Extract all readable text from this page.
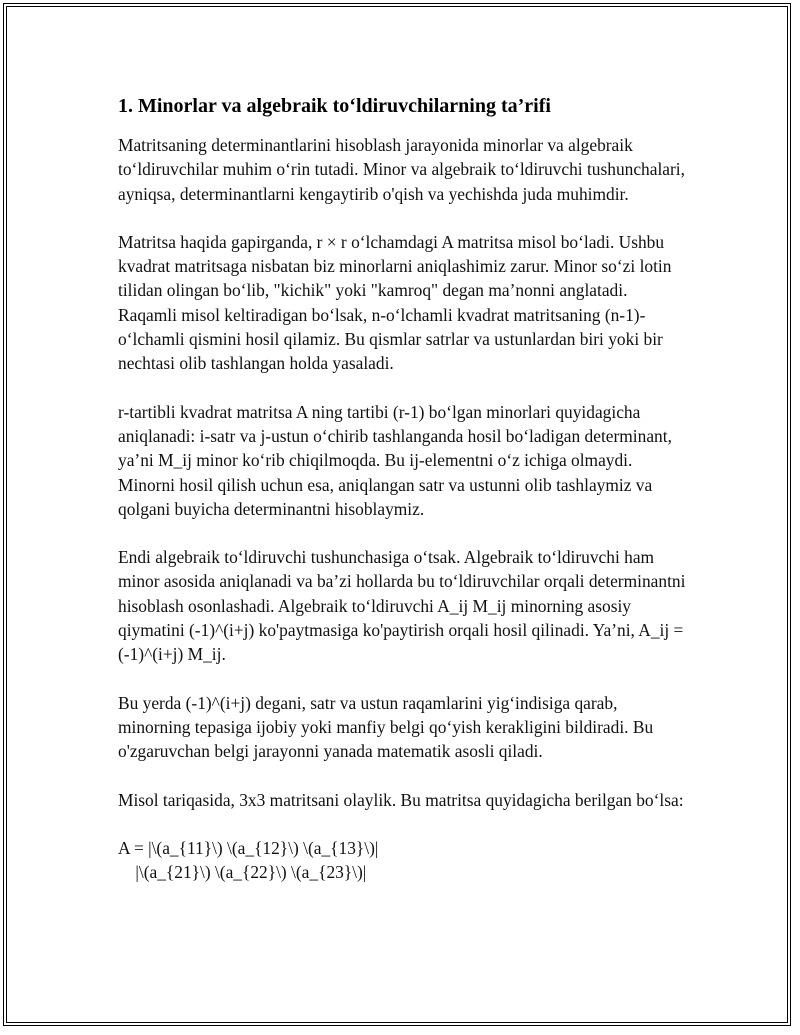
1. Minorlar va algebraik to‘ldiruvchilarning ta’rifi

Matritsaning determinantlarini hisoblash jarayonida minorlar va algebraik to‘ldiruvchilar muhim o‘rin tutadi. Minor va algebraik to‘ldiruvchi tushunchalari, ayniqsa, determinantlarni kengaytirib o'qish va yechishda juda muhimdir.

Matritsa haqida gapirganda, r × r o‘lchamdagi A matritsa misol bo‘ladi. Ushbu kvadrat matritsaga nisbatan biz minorlarni aniqlashimiz zarur. Minor so‘zi lotin tilidan olingan bo‘lib, "kichik" yoki "kamroq" degan ma’nonni anglatadi. Raqamli misol keltiradigan bo‘lsak, n-o‘lchamli kvadrat matritsaning (n-1)-o‘lchamli qismini hosil qilamiz. Bu qismlar satrlar va ustunlardan biri yoki bir nechtasi olib tashlangan holda yasaladi.

r-tartibli kvadrat matritsa A ning tartibi (r-1) bo‘lgan minorlari quyidagicha aniqlanadi: i-satr va j-ustun o‘chirib tashlanganda hosil bo‘ladigan determinant, ya’ni M_ij minor ko‘rib chiqilmoqda. Bu ij-elementni o‘z ichiga olmaydi. Minorni hosil qilish uchun esa, aniqlangan satr va ustunni olib tashlaymiz va qolgani buyicha determinantni hisoblaymiz.

Endi algebraik to‘ldiruvchi tushunchasiga o‘tsak. Algebraik to‘ldiruvchi ham minor asosida aniqlanadi va ba’zi hollarda bu to‘ldiruvchilar orqali determinantni hisoblash osonlashadi. Algebraik to‘ldiruvchi A_ij M_ij minorning asosiy qiymatini (-1)^(i+j) ko'paytmasiga ko'paytirish orqali hosil qilinadi. Ya’ni, A_ij = (-1)^(i+j) M_ij.

Bu yerda (-1)^(i+j) degani, satr va ustun raqamlarini yig‘indisiga qarab, minorning tepasiga ijobiy yoki manfiy belgi qo‘yish kerakligini bildiradi. Bu o'zgaruvchan belgi jarayonni yanada matematik asosli qiladi.

Misol tariqasida, 3x3 matritsani olaylik. Bu matritsa quyidagicha berilgan bo‘lsa:

A = |\(a_{11}\) \(a_{12}\) \(a_{13}\)|
|\(a_{21}\) \(a_{22}\) \(a_{23}\)|
